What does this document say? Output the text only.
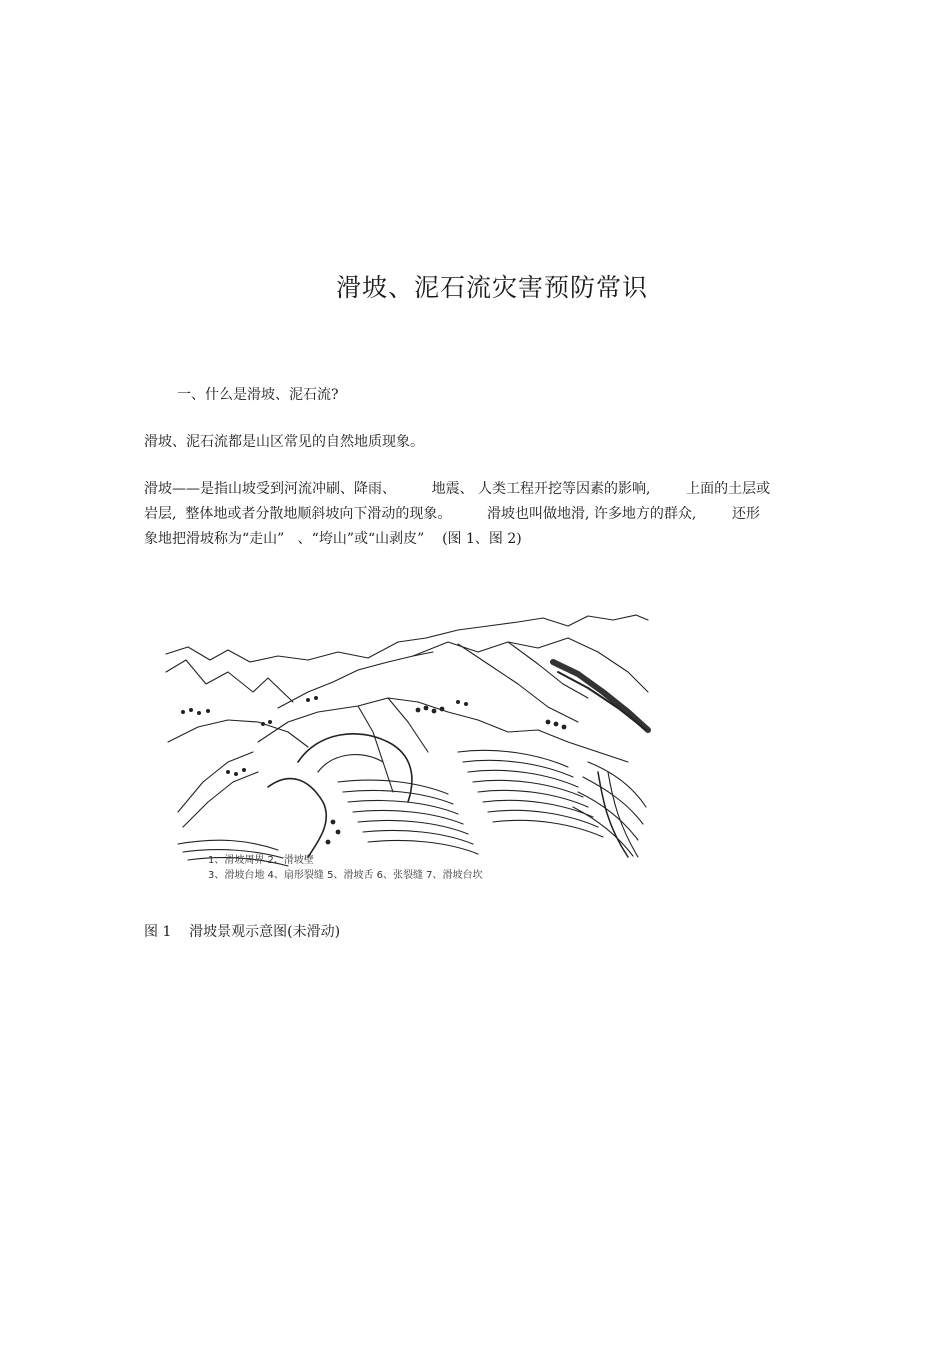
滑坡、泥石流灾害预防常识
一、什么是滑坡、泥石流?
滑坡、泥石流都是山区常见的自然地质现象。
滑坡——是指山坡受到河流冲刷、降雨、        地震、 人类工程开挖等因素的影响,        上面的土层或
岩层,  整体地或者分散地顺斜坡向下滑动的现象。        滑坡也叫做地滑, 许多地方的群众,        还形
象地把滑坡称为“走山”   、“垮山”或“山剥皮”    (图 1、图 2)
1、滑坡周界 2、滑坡壁
3、滑坡台地 4、扇形裂缝 5、滑坡舌 6、张裂缝 7、滑坡台坎
图 1    滑坡景观示意图(未滑动)
